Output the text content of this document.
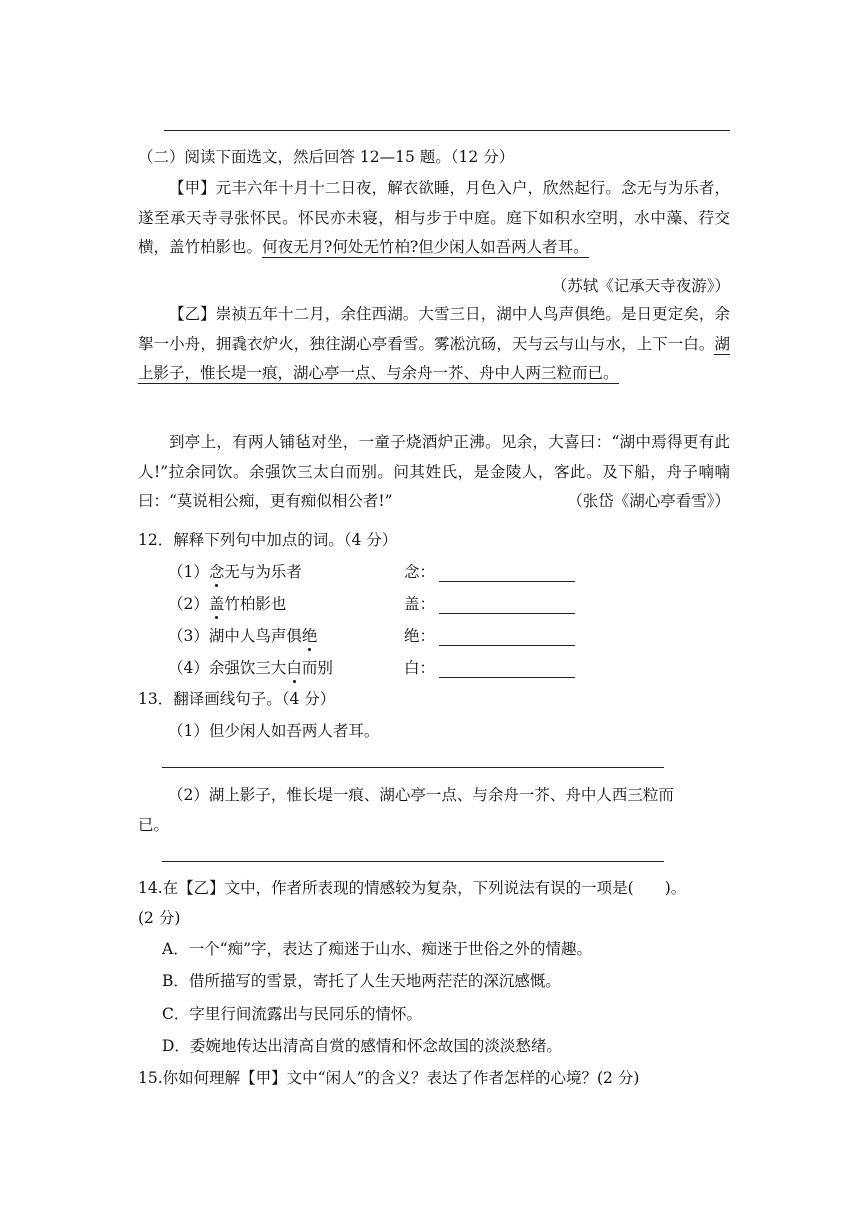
（二）阅读下面选文，然后回答 12—15 题。（12 分）
【甲】元丰六年十月十二日夜，解衣欲睡，月色入户，欣然起行。念无与为乐者，遂至承天寺寻张怀民。怀民亦未寝，相与步于中庭。庭下如积水空明，水中藻、荇交横，盖竹柏影也。何夜无月?何处无竹柏?但少闲人如吾两人者耳。
（苏轼《记承天寺夜游》）
【乙】崇祯五年十二月，余住西湖。大雪三日，湖中人鸟声俱绝。是日更定矣，余挐一小舟，拥毳衣炉火，独往湖心亭看雪。雾凇沆砀，天与云与山与水，上下一白。湖上影子，惟长堤一痕，湖心亭一点、与余舟一芥、舟中人两三粒而已。
到亭上，有两人铺毡对坐，一童子烧酒炉正沸。见余，大喜曰：“湖中焉得更有此人!”拉余同饮。余强饮三太白而别。问其姓氏，是金陵人，客此。及下船，舟子喃喃曰：“莫说相公痴，更有痴似相公者!”	（张岱《湖心亭看雪》）
12．解释下列句中加点的词。（4 分）
（1）念无与为乐者	念：
（2）盖竹柏影也	盖：
（3）湖中人鸟声俱绝	绝：
（4）余强饮三大白而别	白：
13．翻译画线句子。（4 分）
（1）但少闲人如吾两人者耳。
（2）湖上影子，惟长堤一痕、湖心亭一点、与余舟一芥、舟中人西三粒而
已。
14.在【乙】文中，作者所表现的情感较为复杂，下列说法有误的一项是(　　)。
(2 分)
A．一个“痴”字，表达了痴迷于山水、痴迷于世俗之外的情趣。
B．借所描写的雪景，寄托了人生天地两茫茫的深沉感慨。
C．字里行间流露出与民同乐的情怀。
D．委婉地传达出清高自赏的感情和怀念故国的淡淡愁绪。
15.你如何理解【甲】文中“闲人”的含义？表达了作者怎样的心境？(2 分)
